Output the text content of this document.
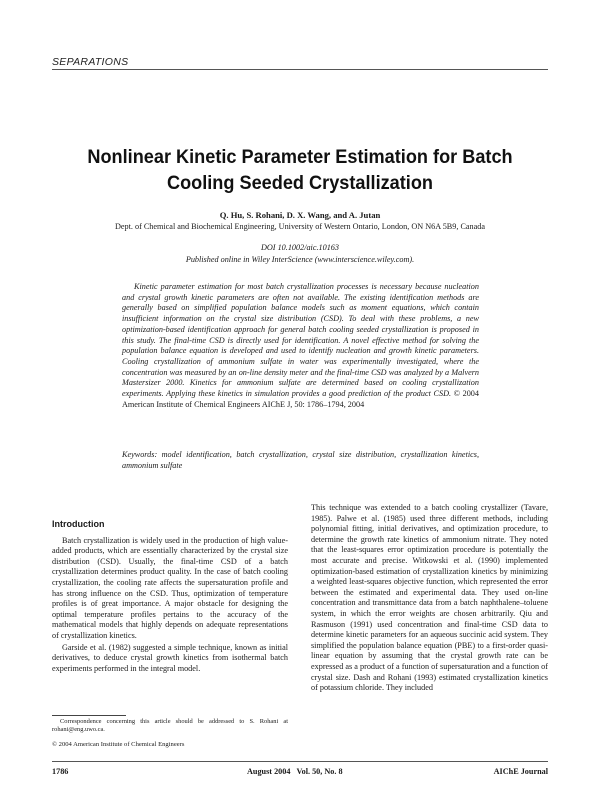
SEPARATIONS
Nonlinear Kinetic Parameter Estimation for Batch Cooling Seeded Crystallization
Q. Hu, S. Rohani, D. X. Wang, and A. Jutan
Dept. of Chemical and Biochemical Engineering, University of Western Ontario, London, ON N6A 5B9, Canada
DOI 10.1002/aic.10163
Published online in Wiley InterScience (www.interscience.wiley.com).
Kinetic parameter estimation for most batch crystallization processes is necessary because nucleation and crystal growth kinetic parameters are often not available. The existing identification methods are generally based on simplified population balance models such as moment equations, which contain insufficient information on the crystal size distribution (CSD). To deal with these problems, a new optimization-based identification approach for general batch cooling seeded crystallization is proposed in this study. The final-time CSD is directly used for identification. A novel effective method for solving the population balance equation is developed and used to identify nucleation and growth kinetic parameters. Cooling crystallization of ammonium sulfate in water was experimentally investigated, where the concentration was measured by an on-line density meter and the final-time CSD was analyzed by a Malvern Mastersizer 2000. Kinetics for ammonium sulfate are determined based on cooling crystallization experiments. Applying these kinetics in simulation provides a good prediction of the product CSD. © 2004 American Institute of Chemical Engineers AIChE J, 50: 1786–1794, 2004
Keywords: model identification, batch crystallization, crystal size distribution, crystallization kinetics, ammonium sulfate
Introduction

Batch crystallization is widely used in the production of high value-added products, which are essentially characterized by the crystal size distribution (CSD). Usually, the final-time CSD of a batch crystallization determines product quality. In the case of batch cooling crystallization, the cooling rate affects the supersaturation profile and has strong influence on the CSD. Thus, optimization of temperature profiles is of great importance. A major obstacle for designing the optimal temperature profiles pertains to the accuracy of the mathematical models that highly depends on adequate representations of crystallization kinetics.

Garside et al. (1982) suggested a simple technique, known as initial derivatives, to deduce crystal growth kinetics from isothermal batch experiments performed in the integral model.

This technique was extended to a batch cooling crystallizer (Tavare, 1985). Palwe et al. (1985) used three different methods, including polynomial fitting, initial derivatives, and optimization procedure, to determine the growth rate kinetics of ammonium nitrate. They noted that the least-squares error optimization procedure is potentially the most accurate and precise. Witkowski et al. (1990) implemented optimization-based estimation of crystallization kinetics by minimizing a weighted least-squares objective function, which represented the error between the estimated and experimental data. They used on-line concentration and transmittance data from a batch naphthalene–toluene system, in which the error weights are chosen arbitrarily. Qiu and Rasmuson (1991) used concentration and final-time CSD data to determine kinetic parameters for an aqueous succinic acid system. They simplified the population balance equation (PBE) to a first-order quasi-linear equation by assuming that the crystal growth rate can be expressed as a product of a function of supersaturation and a function of crystal size. Dash and Rohani (1993) estimated crystallization kinetics of potassium chloride. They included

Correspondence concerning this article should be addressed to S. Rohani at rohani@eng.uwo.ca.
© 2004 American Institute of Chemical Engineers
1786	August 2004   Vol. 50, No. 8	AIChE Journal
